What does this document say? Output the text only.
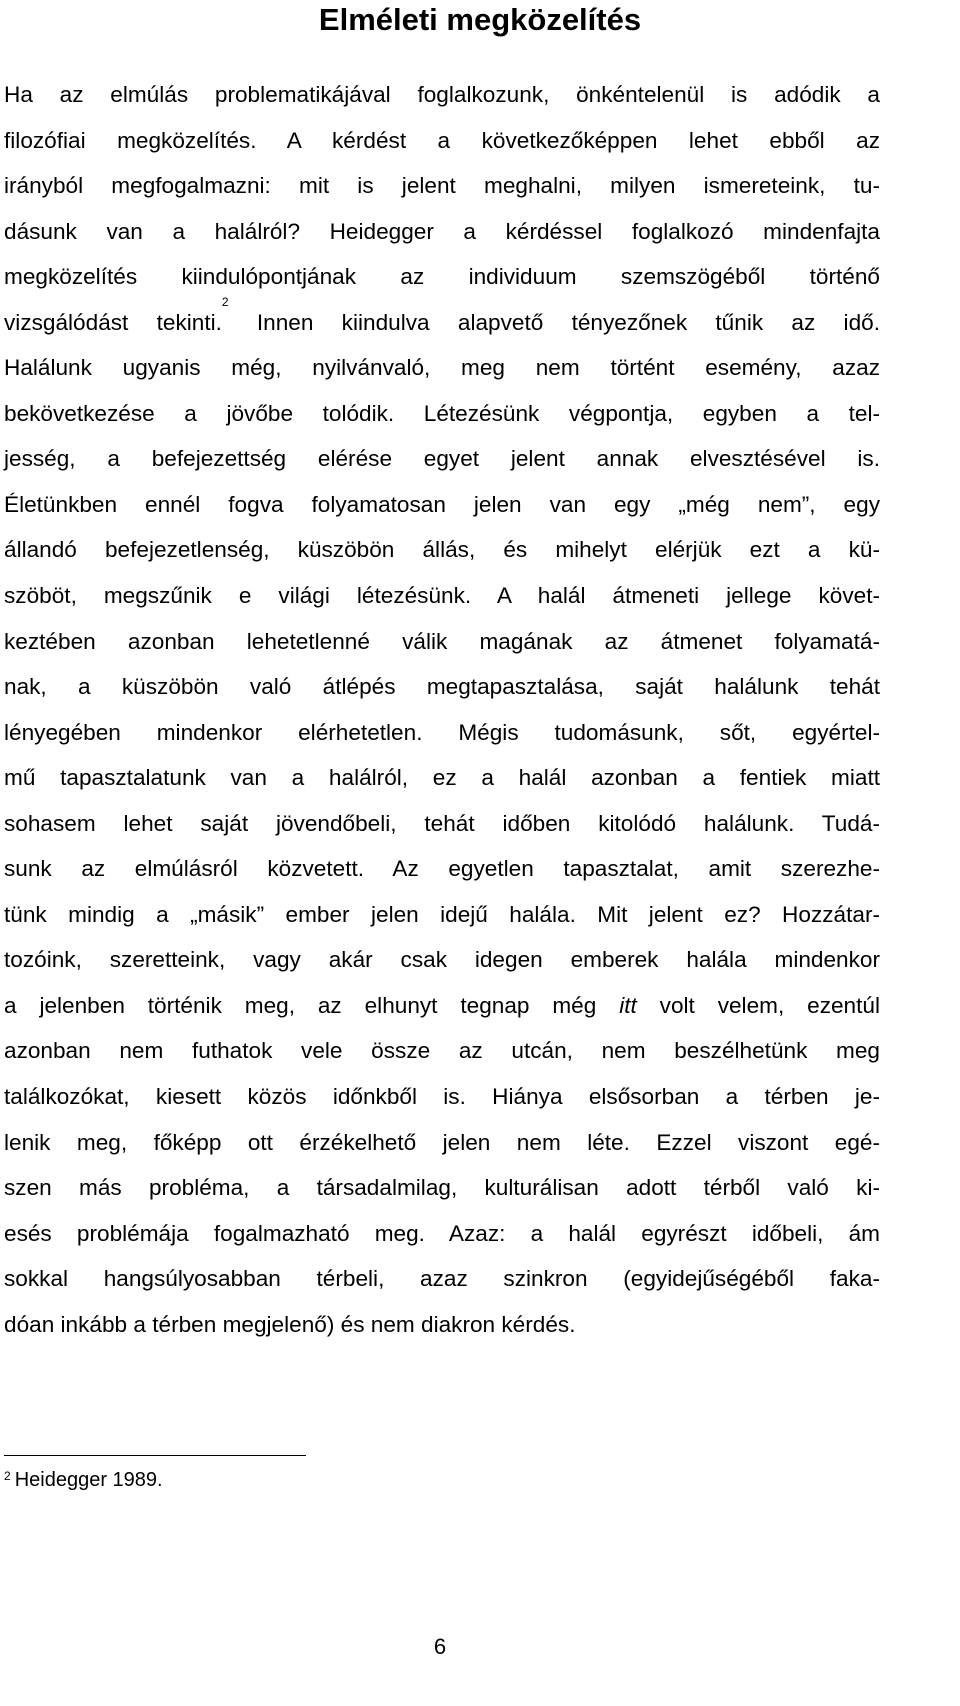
Elméleti megközelítés
Ha az elmúlás problematikájával foglalkozunk, önkéntelenül is adódik a
filozófiai megközelítés. A kérdést a következőképpen lehet ebből az
irányból megfogalmazni: mit is jelent meghalni, milyen ismereteink, tu-
dásunk van a halálról? Heidegger a kérdéssel foglalkozó mindenfajta
megközelítés kiindulópontjának az individuum szemszögéből történő
vizsgálódást tekinti.$^2$ Innen kiindulva alapvető tényezőnek tűnik az idő.
Halálunk ugyanis még, nyilvánvaló, meg nem történt esemény, azaz
bekövetkezése a jövőbe tolódik. Létezésünk végpontja, egyben a tel-
jesség, a befejezettség elérése egyet jelent annak elvesztésével is.
Életünkben ennél fogva folyamatosan jelen van egy „még nem”, egy
állandó befejezetlenség, küszöbön állás, és mihelyt elérjük ezt a kü-
szöböt, megszűnik e világi létezésünk. A halál átmeneti jellege követ-
keztében azonban lehetetlenné válik magának az átmenet folyamatá-
nak, a küszöbön való átlépés megtapasztalása, saját halálunk tehát
lényegében mindenkor elérhetetlen. Mégis tudomásunk, sőt, egyértel-
mű tapasztalatunk van a halálról, ez a halál azonban a fentiek miatt
sohasem lehet saját jövendőbeli, tehát időben kitolódó halálunk. Tudá-
sunk az elmúlásról közvetett. Az egyetlen tapasztalat, amit szerezhe-
tünk mindig a „másik” ember jelen idejű halála. Mit jelent ez? Hozzátar-
tozóink, szeretteink, vagy akár csak idegen emberek halála mindenkor
a jelenben történik meg, az elhunyt tegnap még itt volt velem, ezentúl
azonban nem futhatok vele össze az utcán, nem beszélhetünk meg
találkozókat, kiesett közös időnkből is. Hiánya elsősorban a térben je-
lenik meg, főképp ott érzékelhető jelen nem léte. Ezzel viszont egé-
szen más probléma, a társadalmilag, kulturálisan adott térből való ki-
esés problémája fogalmazható meg. Azaz: a halál egyrészt időbeli, ám
sokkal hangsúlyosabban térbeli, azaz szinkron (egyidejűségéből faka-
dóan inkább a térben megjelenő) és nem diakron kérdés.

$^2$ Heidegger 1989.

6
